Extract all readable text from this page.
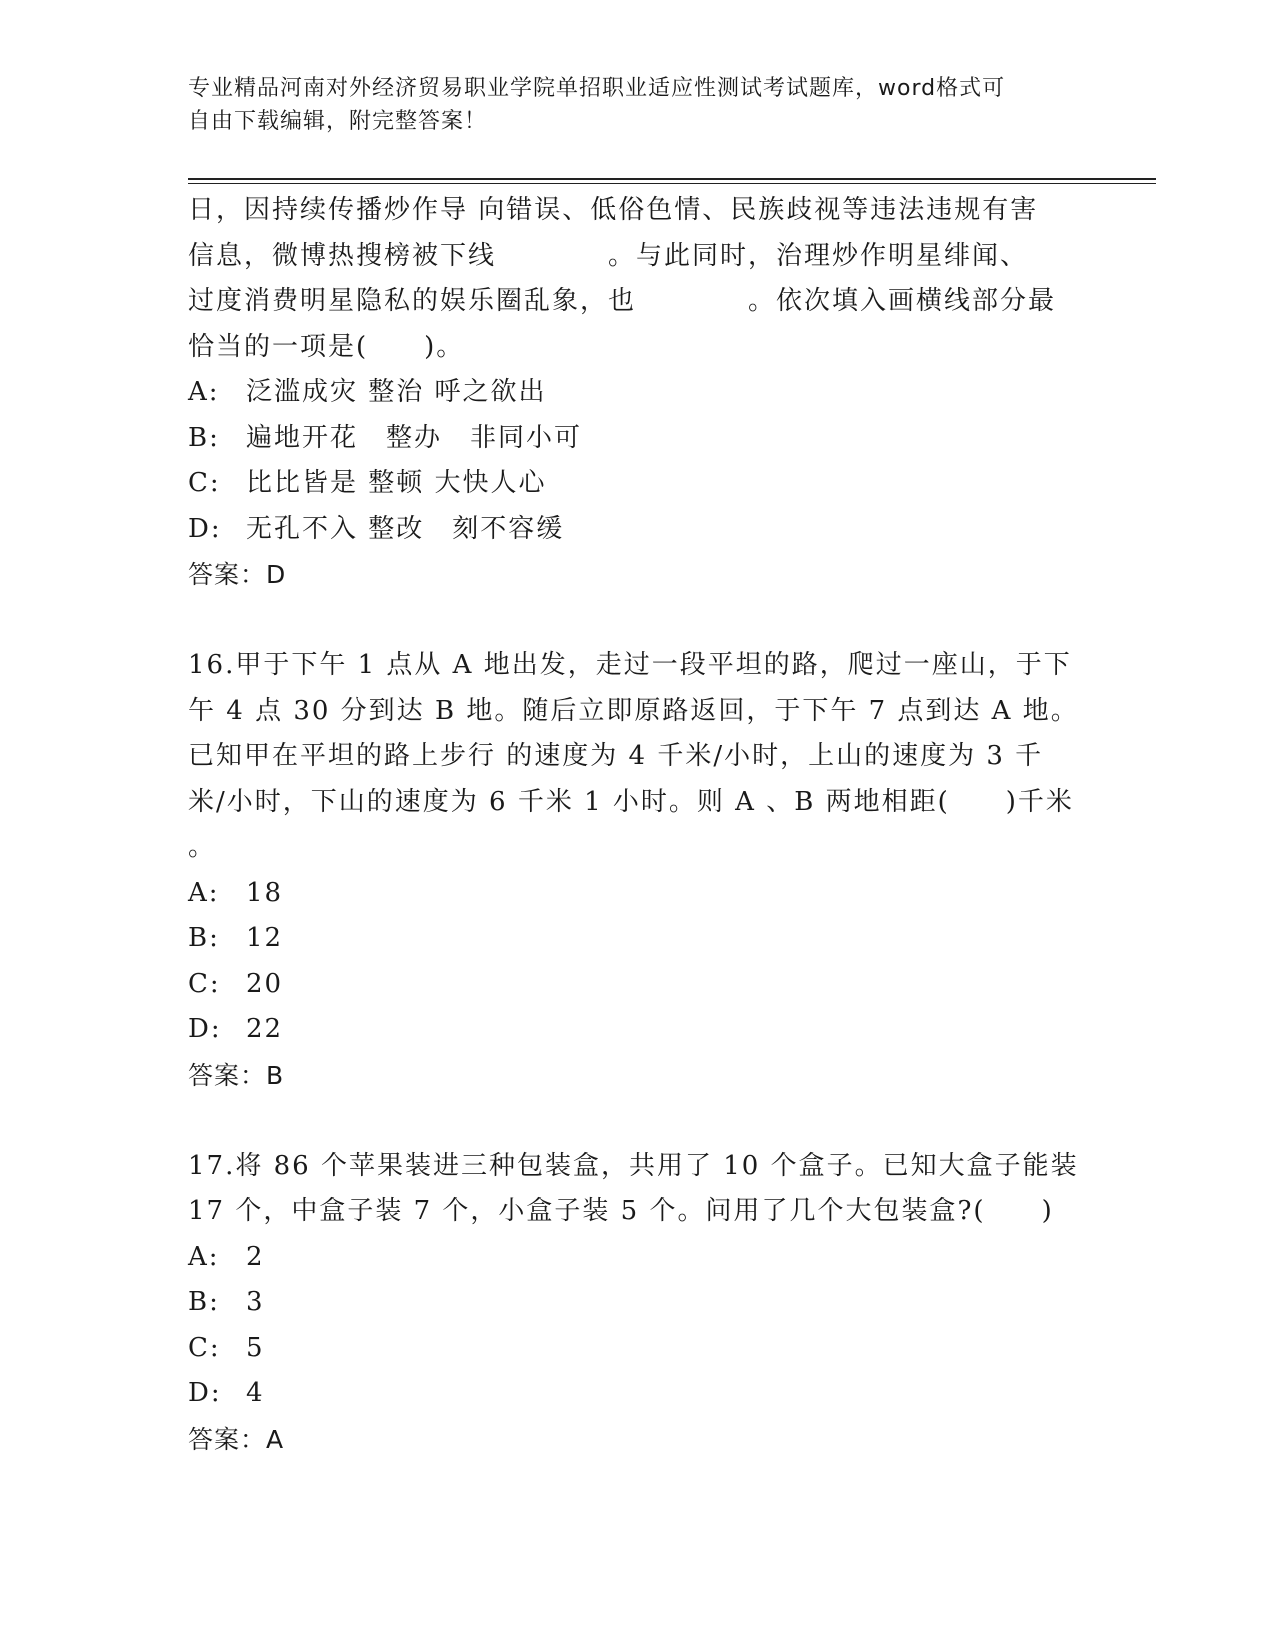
专业精品河南对外经济贸易职业学院单招职业适应性测试考试题库，word格式可
自由下载编辑，附完整答案！
日，因持续传播炒作导 向错误、低俗色情、民族歧视等违法违规有害
信息，微博热搜榜被下线　　　　。与此同时，治理炒作明星绯闻、
过度消费明星隐私的娱乐圈乱象，也　　　　。依次填入画横线部分最
恰当的一项是(　　)。
A:	泛滥成灾 整治 呼之欲出
B:	遍地开花　整办　非同小可
C: 比比皆是 整顿 大快人心
D: 无孔不入 整改　刻不容缓
答案：D
16.甲于下午 1 点从 A 地出发，走过一段平坦的路，爬过一座山，于下
午 4 点 30 分到达 B 地。随后立即原路返回，于下午 7 点到达 A 地。
已知甲在平坦的路上步行 的速度为 4 千米/小时，上山的速度为 3 千
米/小时，下山的速度为 6 千米 1 小时。则 A 、B 两地相距(　　)千米
。
A:	18
B:	12
C: 20
D: 22
答案：B
17.将 86 个苹果装进三种包装盒，共用了 10 个盒子。已知大盒子能装
17 个，中盒子装 7 个，小盒子装 5 个。问用了几个大包装盒?(　　)
A:	2
B:	3
C: 5
D: 4
答案：A
